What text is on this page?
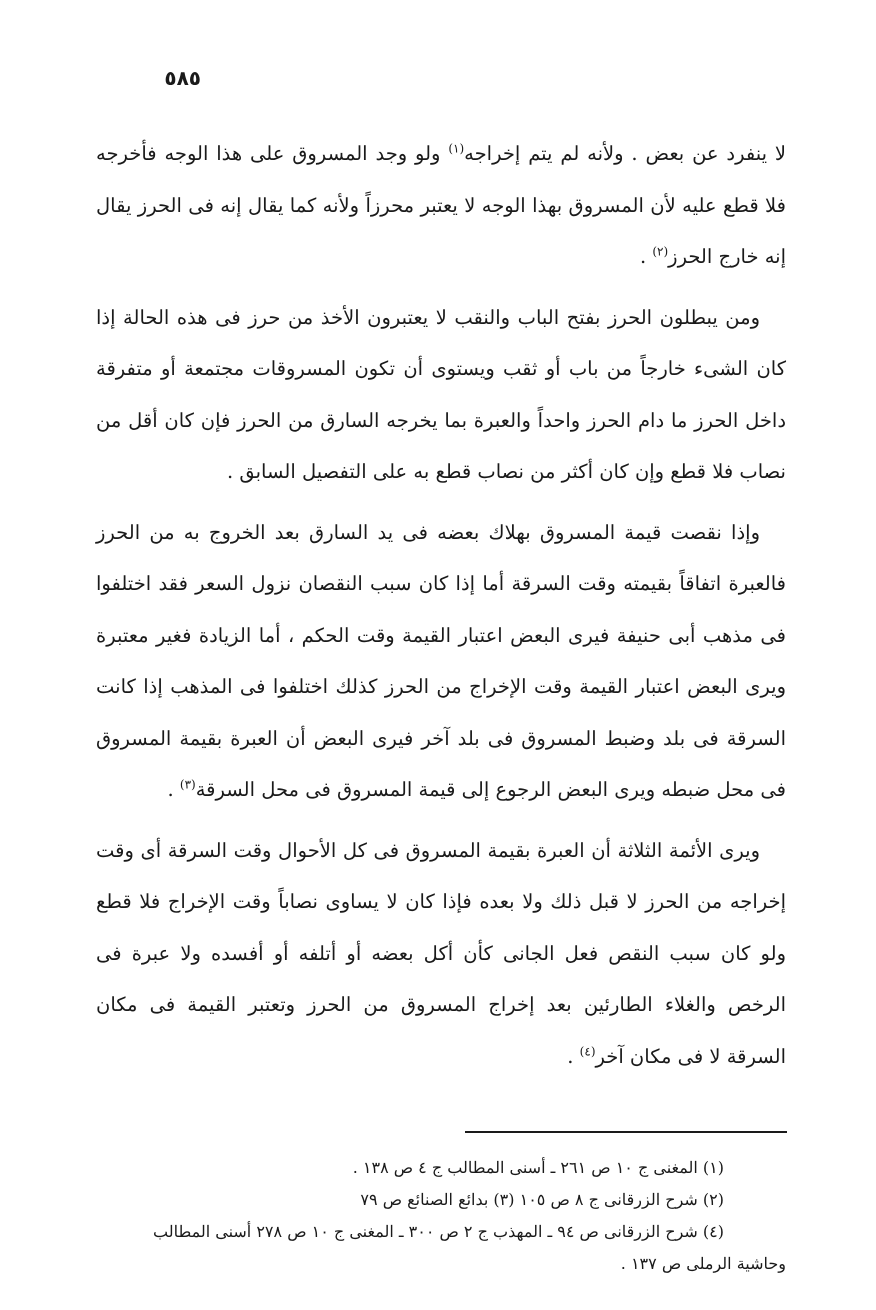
٥٨٥

لا ينفرد عن بعض . ولأنه لم يتم إخراجه$^{(١)}$ ولو وجد المسروق على هذا الوجه فأخرجه فلا قطع عليه لأن المسروق بهذا الوجه لا يعتبر محرزاً ولأنه كما يقال إنه فى الحرز يقال إنه خارج الحرز$^{(٢)}$ .

ومن يبطلون الحرز بفتح الباب والنقب لا يعتبرون الأخذ من حرز فى هذه الحالة إذا كان الشىء خارجاً من باب أو ثقب ويستوى أن تكون المسروقات مجتمعة أو متفرقة داخل الحرز ما دام الحرز واحداً والعبرة بما يخرجه السارق من الحرز فإن كان أقل من نصاب فلا قطع وإن كان أكثر من نصاب قطع به على التفصيل السابق .

وإذا نقصت قيمة المسروق بهلاك بعضه فى يد السارق بعد الخروج به من الحرز فالعبرة اتفاقاً بقيمته وقت السرقة أما إذا كان سبب النقصان نزول السعر فقد اختلفوا فى مذهب أبى حنيفة فيرى البعض اعتبار القيمة وقت الحكم ، أما الزيادة فغير معتبرة ويرى البعض اعتبار القيمة وقت الإخراج من الحرز كذلك اختلفوا فى المذهب إذا كانت السرقة فى بلد وضبط المسروق فى بلد آخر فيرى البعض أن العبرة بقيمة المسروق فى محل ضبطه ويرى البعض الرجوع إلى قيمة المسروق فى محل السرقة$^{(٣)}$ .

ويرى الأئمة الثلاثة أن العبرة بقيمة المسروق فى كل الأحوال وقت السرقة أى وقت إخراجه من الحرز لا قبل ذلك ولا بعده فإذا كان لا يساوى نصاباً وقت الإخراج فلا قطع ولو كان سبب النقص فعل الجانى كأن أكل بعضه أو أتلفه أو أفسده ولا عبرة فى الرخص والغلاء الطارئين بعد إخراج المسروق من الحرز وتعتبر القيمة فى مكان السرقة لا فى مكان آخر$^{(٤)}$ .

(١) المغنى ج ١٠ ص ٢٦١ ـ أسنى المطالب ج ٤ ص ١٣٨ .
(٢) شرح الزرقانى ج ٨ ص ١٠٥ (٣) بدائع الصنائع ص ٧٩
(٤) شرح الزرقانى ص ٩٤ ـ المهذب ج ٢ ص ٣٠٠ ـ المغنى ج ١٠ ص ٢٧٨ أسنى المطالب
وحاشية الرملى ص ١٣٧ .
